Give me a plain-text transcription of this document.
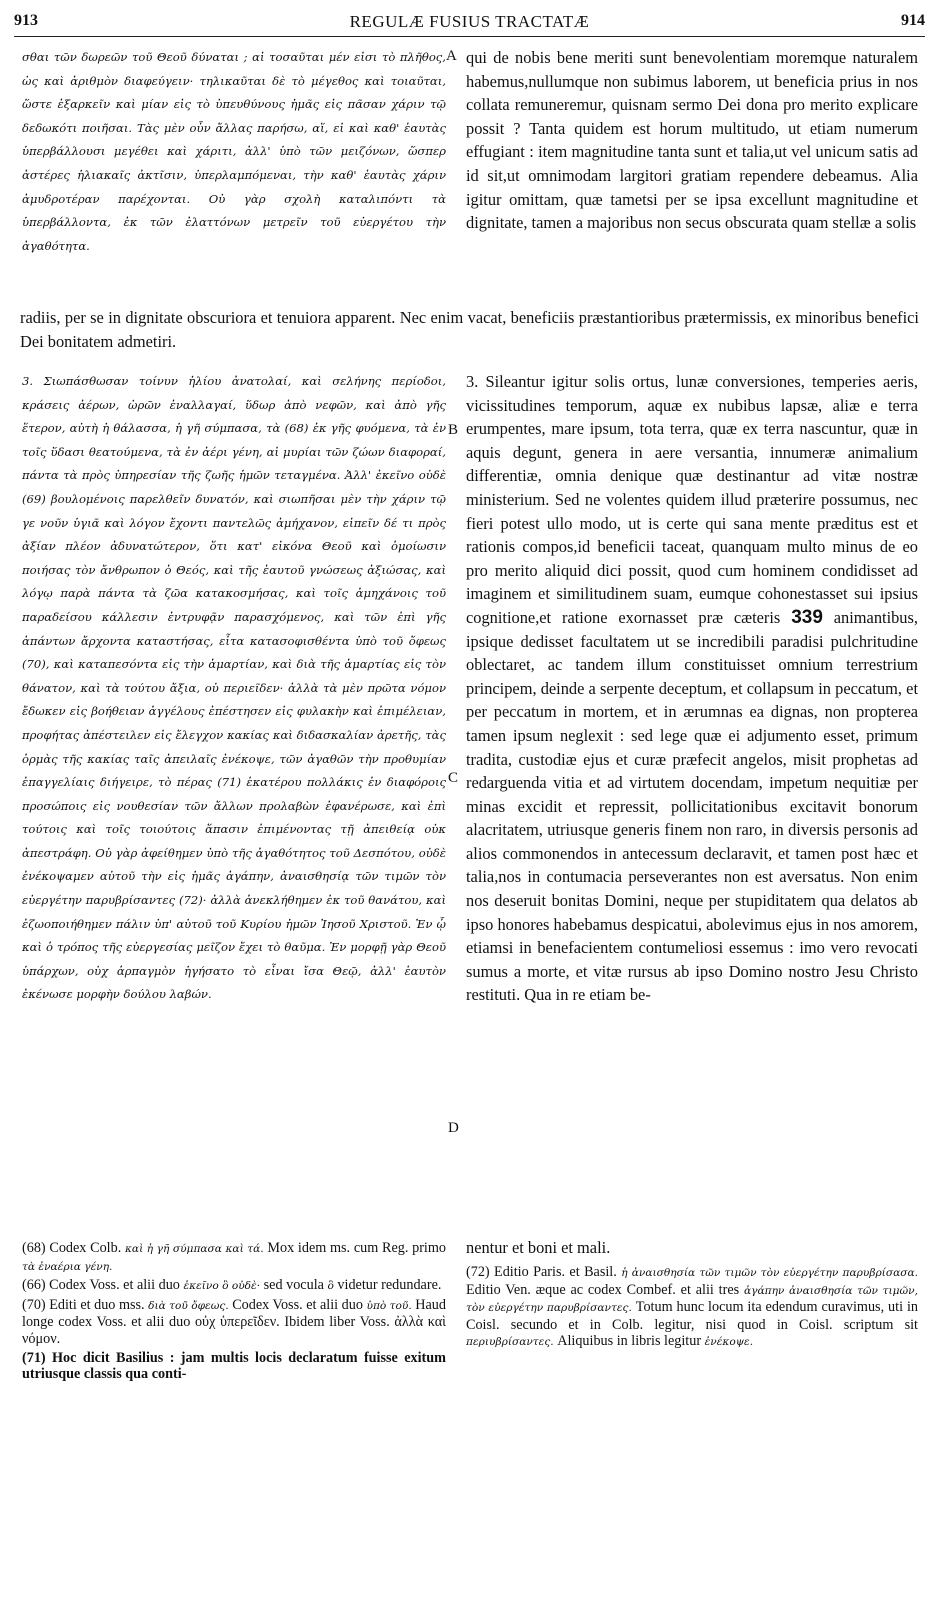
913	REGULÆ FUSIUS TRACTATÆ	914

σθαι τῶν δωρεῶν τοῦ Θεοῦ δύναται ; αἱ τοσαῦται μέν εἰσι τὸ πλῆθος, ὡς καὶ ἀριθμὸν διαφεύγειν· τηλικαῦται δὲ τὸ μέγεθος καὶ τοιαῦται, ὥστε ἐξαρκεῖν καὶ μίαν εἰς τὸ ὑπευθύνους ἡμᾶς εἰς πᾶσαν χάριν τῷ δεδωκότι ποιῆσαι. Τὰς μὲν οὖν ἄλλας παρήσω, αἵ, εἰ καὶ καθ' ἑαυτὰς ὑπερβάλλουσι μεγέθει καὶ χάριτι, ἀλλ' ὑπὸ τῶν μειζόνων, ὥσπερ ἀστέρες ἡλιακαῖς ἀκτῖσιν, ὑπερλαμπόμεναι, τὴν καθ' ἑαυτὰς χάριν ἀμυδροτέραν παρέχονται. Οὐ γὰρ σχολὴ καταλιπόντι τὰ ὑπερβάλλοντα, ἐκ τῶν ἐλαττόνων μετρεῖν τοῦ εὐεργέτου τὴν ἀγαθότητα.

A qui de nobis bene meriti sunt benevolentiam moremque naturalem habemus,nullumque non subimus laborem, ut beneficia prius in nos collata remuneremur, quisnam sermo Dei dona pro merito explicare possit ? Tanta quidem est horum multitudo, ut etiam numerum effugiant : item magnitudine tanta sunt et talia,ut vel unicum satis ad id sit,ut omnimodam largitori gratiam rependere debeamus. Alia igitur omittam, quæ tametsi per se ipsa excellunt magnitudine et dignitate, tamen a majoribus non secus obscurata quam stellæ a solis

radiis, per se in dignitate obscuriora et tenuiora apparent. Nec enim vacat, beneficiis præstantioribus prætermissis, ex minoribus benefici Dei bonitatem admetiri.

3. Σιωπάσθωσαν τοίνυν ἡλίου ἀνατολαί, καὶ σελήνης περίοδοι, κράσεις ἀέρων, ὡρῶν ἐναλλαγαί, ὕδωρ ἀπὸ νεφῶν, καὶ ἀπὸ γῆς ἕτερον, αὐτὴ ἡ θάλασσα, ἡ γῆ σύμπασα, τὰ (68) ἐκ γῆς φυόμενα, τὰ ἐν τοῖς ὕδασι θεατούμενα, τὰ ἐν ἀέρι γένη, αἱ μυρίαι τῶν ζώων διαφοραί, πάντα τὰ πρὸς ὑπηρεσίαν τῆς ζωῆς ἡμῶν τεταγμένα. Ἀλλ' ἐκεῖνο οὐδὲ (69) βουλομένοις παρελθεῖν δυνατόν, καὶ σιωπῆσαι μὲν τὴν χάριν τῷ γε νοῦν ὑγιᾶ καὶ λόγον ἔχοντι παντελῶς ἀμήχανον, εἰπεῖν δέ τι πρὸς ἀξίαν πλέον ἀδυνατώτερον, ὅτι κατ' εἰκόνα Θεοῦ καὶ ὁμοίωσιν ποιήσας τὸν ἄνθρωπον ὁ Θεός, καὶ τῆς ἑαυτοῦ γνώσεως ἀξιώσας, καὶ λόγῳ παρὰ πάντα τὰ ζῶα κατακοσμήσας, καὶ τοῖς ἀμηχάνοις τοῦ παραδείσου κάλλεσιν ἐντρυφᾷν παρασχόμενος, καὶ τῶν ἐπὶ γῆς ἁπάντων ἄρχοντα καταστήσας, εἶτα κατασοφισθέντα ὑπὸ τοῦ ὄφεως (70), καὶ καταπεσόντα εἰς τὴν ἁμαρτίαν, καὶ διὰ τῆς ἁμαρτίας εἰς τὸν θάνατον, καὶ τὰ τούτου ἄξια, οὐ περιεῖδεν· ἀλλὰ τὰ μὲν πρῶτα νόμον ἔδωκεν εἰς βοήθειαν ἀγγέλους ἐπέστησεν εἰς φυλακὴν καὶ ἐπιμέλειαν, προφήτας ἀπέστειλεν εἰς ἔλεγχον κακίας καὶ διδασκαλίαν ἀρετῆς, τὰς ὁρμὰς τῆς κακίας ταῖς ἀπειλαῖς ἐνέκοψε, τῶν ἀγαθῶν τὴν προθυμίαν ἐπαγγελίαις διήγειρε, τὸ πέρας (71) ἑκατέρου πολλάκις ἐν διαφόροις προσώποις εἰς νουθεσίαν τῶν ἄλλων προλαβὼν ἐφανέρωσε, καὶ ἐπὶ τούτοις καὶ τοῖς τοιούτοις ἅπασιν ἐπιμένοντας τῇ ἀπειθείᾳ οὐκ ἀπεστράφη. Οὐ γὰρ ἀφείθημεν ὑπὸ τῆς ἀγαθότητος τοῦ Δεσπότου, οὐδὲ ἐνέκοψαμεν αὐτοῦ τὴν εἰς ἡμᾶς ἀγάπην, ἀναισθησίᾳ τῶν τιμῶν τὸν εὐεργέτην παρυβρίσαντες (72)· ἀλλὰ ἀνεκλήθημεν ἐκ τοῦ θανάτου, καὶ ἐζωοποιήθημεν πάλιν ὑπ' αὐτοῦ τοῦ Κυρίου ἡμῶν Ἰησοῦ Χριστοῦ. Ἐν ᾧ καὶ ὁ τρόπος τῆς εὐεργεσίας μεῖζον ἔχει τὸ θαῦμα. Ἐν μορφῇ γὰρ Θεοῦ ὑπάρχων, οὐχ ἁρπαγμὸν ἡγήσατο τὸ εἶναι ἴσα Θεῷ, ἀλλ' ἑαυτὸν ἐκένωσε μορφὴν δούλου λαβών.

B
C
D

3. Sileantur igitur solis ortus, lunæ conversiones, temperies aeris, vicissitudines temporum, aquæ ex nubibus lapsæ, aliæ e terra erumpentes, mare ipsum, tota terra, quæ ex terra nascuntur, quæ in aquis degunt, genera in aere versantia, innumeræ animalium differentiæ, omnia denique quæ destinantur ad vitæ nostræ ministerium. Sed ne volentes quidem illud præterire possumus, nec fieri potest ullo modo, ut is certe qui sana mente præditus est et rationis compos,id beneficii taceat, quanquam multo minus de eo pro merito aliquid dici possit, quod cum hominem condidisset ad imaginem et similitudinem suam, eumque cohonestasset sui ipsius cognitione,et ratione exornasset præ cæteris 339 animantibus, ipsique dedisset facultatem ut se incredibili paradisi pulchritudine oblectaret, ac tandem illum constituisset omnium terrestrium principem, deinde a serpente deceptum, et collapsum in peccatum, et per peccatum in mortem, et in ærumnas ea dignas, non propterea tamen ipsum neglexit : sed lege quæ ei adjumento esset, primum tradita, custodiæ ejus et curæ præfecit angelos, misit prophetas ad redarguenda vitia et ad virtutem docendam, impetum nequitiæ per minas excidit et repressit, pollicitationibus excitavit bonorum alacritatem, utriusque generis finem non raro, in diversis personis ad alios commonendos in antecessum declaravit, et tamen post hæc et talia,nos in contumacia perseverantes non est aversatus. Non enim nos deseruit bonitas Domini, neque per stupiditatem qua delatos ab ipso honores habebamus despicatui, abolevimus ejus in nos amorem, etiamsi in benefacientem contumeliosi essemus : imo vero revocati sumus a morte, et vitæ rursus ab ipso Domino nostro Jesu Christo restituti. Qua in re etiam be-

(68) Codex Colb. καὶ ἡ γῆ σύμπασα καὶ τά. Mox idem ms. cum Reg. primo τὰ ἐναέρια γένη.

(66) Codex Voss. et alii duo ἐκεῖνο ὃ οὐδὲ· sed vocula ὃ videtur redundare.

(70) Editi et duo mss. διὰ τοῦ ὄφεως. Codex Voss. et alii duo ὑπὸ τοῦ. Haud longe codex Voss. et alii duo οὐχ ὑπερεῖδεν. Ibidem liber Voss. ἀλλὰ καὶ νόμον.

(71) Hoc dicit Basilius : jam multis locis declaratum fuisse exitum utriusque classis qua conti-

nentur et boni et mali.

(72) Editio Paris. et Basil. ἡ ἀναισθησία τῶν τιμῶν τὸν εὐεργέτην παρυβρίσασα. Editio Ven. æque ac codex Combef. et alii tres ἀγάπην ἀναισθησία τῶν τιμῶν, τὸν εὐεργέτην παρυβρίσαντες. Totum hunc locum ita edendum curavimus, uti in Coisl. secundo et in Colb. legitur, nisi quod in Coisl. scriptum sit περιυβρίσαντες. Aliquibus in libris legitur ἐνέκοψε.
